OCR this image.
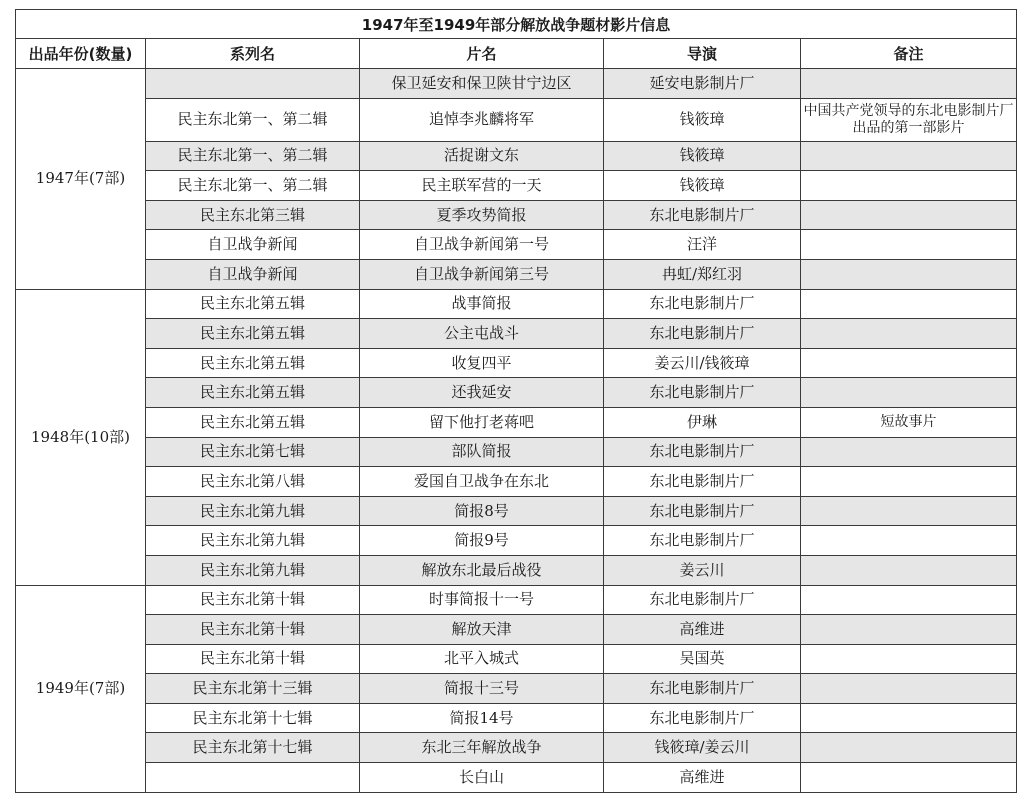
1947年至1949年部分解放战争题材影片信息				
出品年份(数量)	系列名	片名	导演	备注
1947年(7部)		保卫延安和保卫陕甘宁边区	延安电影制片厂	
	民主东北第一、第二辑	追悼李兆麟将军	钱筱璋	中国共产党领导的东北电影制片厂出品的第一部影片
	民主东北第一、第二辑	活捉谢文东	钱筱璋	
	民主东北第一、第二辑	民主联军营的一天	钱筱璋	
	民主东北第三辑	夏季攻势简报	东北电影制片厂	
	自卫战争新闻	自卫战争新闻第一号	汪洋	
	自卫战争新闻	自卫战争新闻第三号	冉虹/郑红羽	
1948年(10部)	民主东北第五辑	战事简报	东北电影制片厂	
	民主东北第五辑	公主屯战斗	东北电影制片厂	
	民主东北第五辑	收复四平	姜云川/钱筱璋	
	民主东北第五辑	还我延安	东北电影制片厂	
	民主东北第五辑	留下他打老蒋吧	伊琳	短故事片
	民主东北第七辑	部队简报	东北电影制片厂	
	民主东北第八辑	爱国自卫战争在东北	东北电影制片厂	
	民主东北第九辑	简报8号	东北电影制片厂	
	民主东北第九辑	简报9号	东北电影制片厂	
	民主东北第九辑	解放东北最后战役	姜云川	
1949年(7部)	民主东北第十辑	时事简报十一号	东北电影制片厂	
	民主东北第十辑	解放天津	高维进	
	民主东北第十辑	北平入城式	吴国英	
	民主东北第十三辑	简报十三号	东北电影制片厂	
	民主东北第十七辑	简报14号	东北电影制片厂	
	民主东北第十七辑	东北三年解放战争	钱筱璋/姜云川	
		长白山	高维进	
